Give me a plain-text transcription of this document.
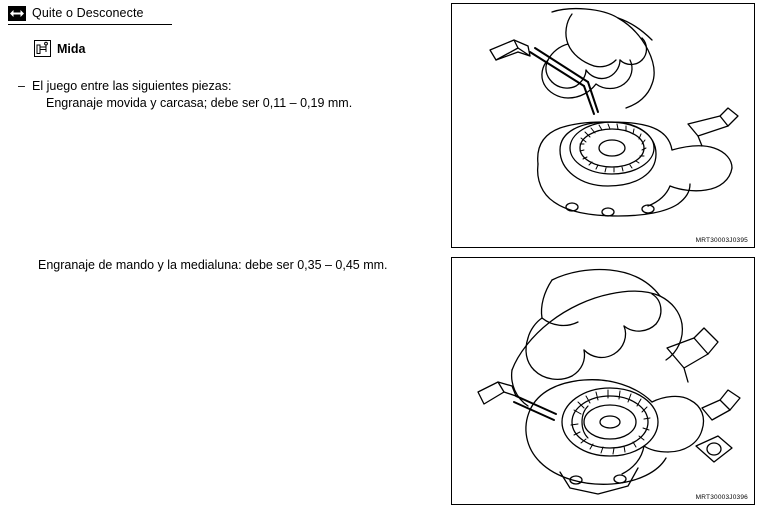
Quite o Desconecte
Mida
– El juego entre las siguientes piezas:
Engranaje movida y carcasa; debe ser 0,11 – 0,19 mm.
Engranaje de mando y la medialuna: debe ser 0,35 – 0,45 mm.
MRT30003J0395
MRT30003J0396
